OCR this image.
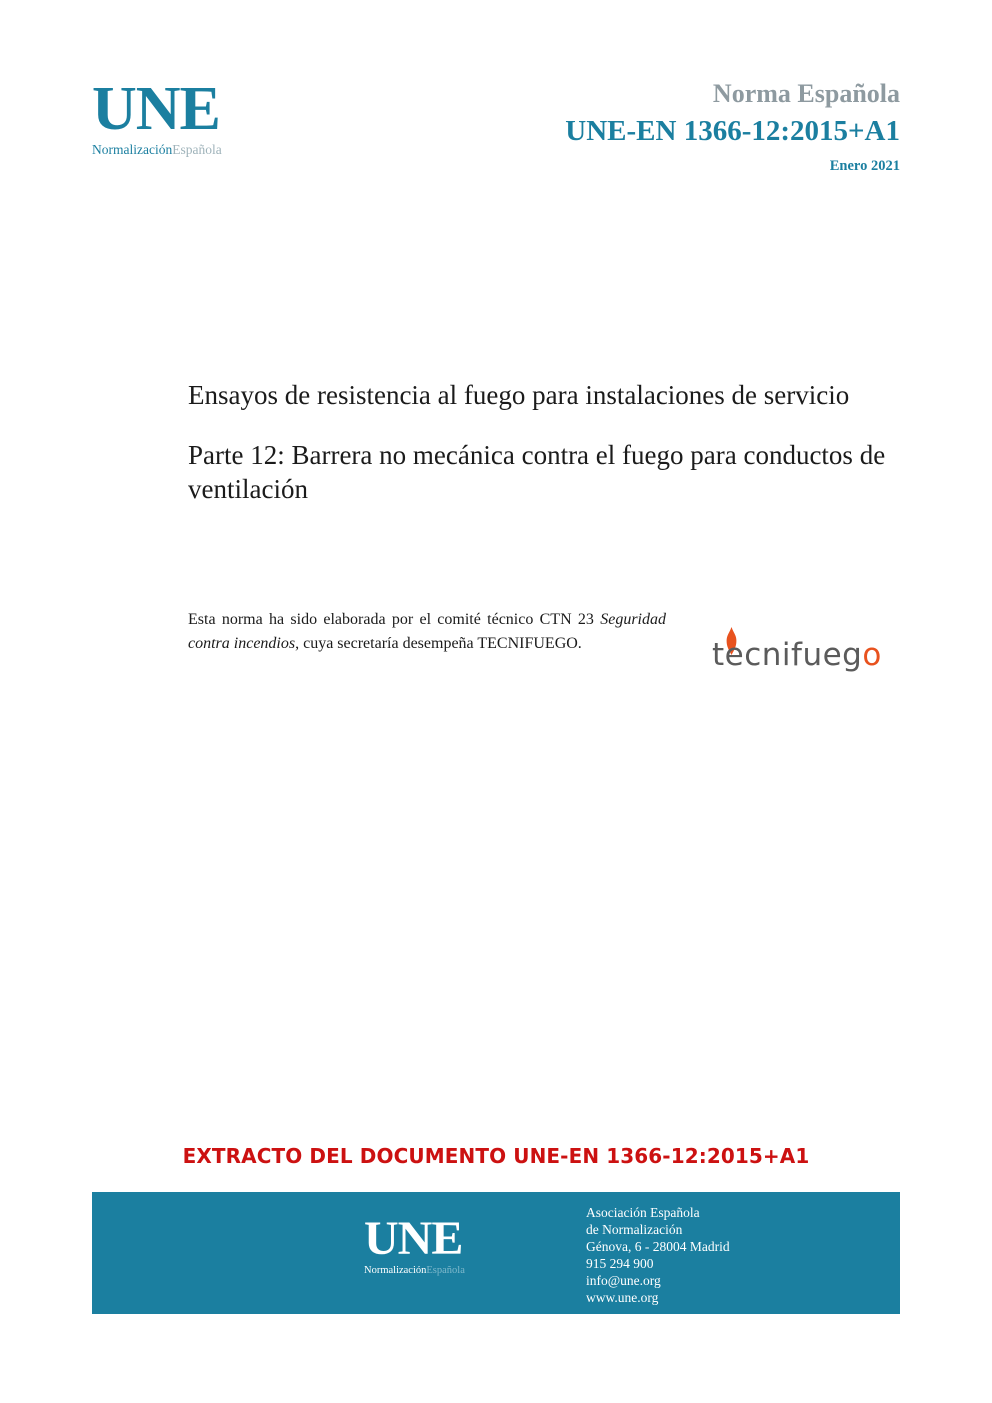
UNE
NormalizaciónEspañola
Norma Española
UNE-EN 1366-12:2015+A1
Enero 2021
Ensayos de resistencia al fuego para instalaciones de servicio
Parte 12: Barrera no mecánica contra el fuego para conductos de ventilación
Esta norma ha sido elaborada por el comité técnico CTN 23 Seguridad contra incendios, cuya secretaría desempeña TECNIFUEGO.	tecnifuego
EXTRACTO DEL DOCUMENTO UNE-EN 1366-12:2015+A1
UNE
NormalizaciónEspañola
Asociación Española
de Normalización
Génova, 6 - 28004 Madrid
915 294 900
info@une.org
www.une.org
